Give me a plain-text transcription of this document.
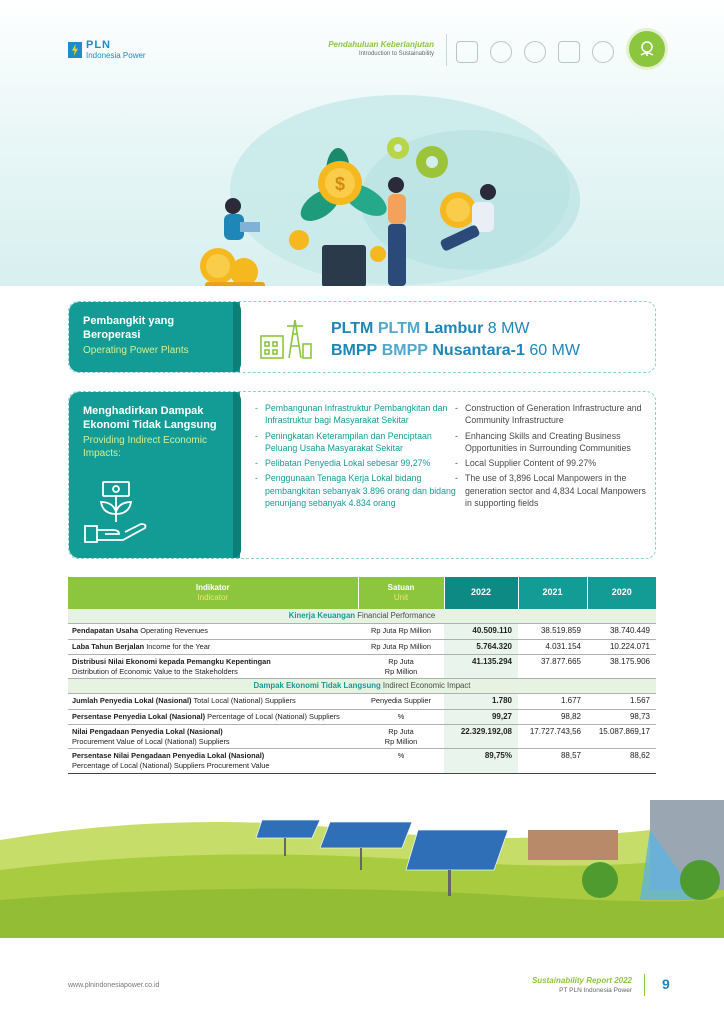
$
PLN
Indonesia Power
Pendahuluan Keberlanjutan
Introduction to Sustainability
Pembangkit yang Beroperasi
Operating Power Plants
PLTM PLTM Lambur 8 MW
BMPP BMPP Nusantara-1 60 MW
Menghadirkan Dampak Ekonomi Tidak Langsung
Providing Indirect Economic Impacts:
- Pembangunan Infrastruktur Pembangkitan dan Infrastruktur bagi Masyarakat Sekitar
- Peningkatan Keterampilan dan Penciptaan Peluang Usaha Masyarakat Sekitar
- Pelibatan Penyedia Lokal sebesar 99,27%
- Penggunaan Tenaga Kerja Lokal bidang pembangkitan sebanyak 3.896 orang dan bidang penunjang sebanyak 4.834 orang
- Construction of Generation Infrastructure and Community Infrastructure
- Enhancing Skills and Creating Business Opportunities in Surrounding Communities
- Local Supplier Content of 99.27%
- The use of 3,896 Local Manpowers in the generation sector and 4,834 Local Manpowers in supporting fields
Indikator
Indicator	Satuan
Unit	2022	2021	2020
Kinerja Keuangan Financial Performance				
Pendapatan Usaha Operating Revenues	Rp Juta Rp Million	40.509.110	38.519.859	38.740.449
Laba Tahun Berjalan Income for the Year	Rp Juta Rp Million	5.764.320	4.031.154	10.224.071
Distribusi Nilai Ekonomi kepada Pemangku Kepentingan
Distribution of Economic Value to the Stakeholders	Rp Juta
Rp Million	41.135.294	37.877.665	38.175.906
Dampak Ekonomi Tidak Langsung Indirect Economic Impact				
Jumlah Penyedia Lokal (Nasional) Total Local (National) Suppliers	Penyedia Supplier	1.780	1.677	1.567
Persentase Penyedia Lokal (Nasional) Percentage of Local (National) Suppliers	%	99,27	98,82	98,73
Nilai Pengadaan Penyedia Lokal (Nasional)
Procurement Value of Local (National) Suppliers	Rp Juta
Rp Million	22.329.192,08	17.727.743,56	15.087.869,17
Persentase Nilai Pengadaan Penyedia Lokal (Nasional)
Percentage of Local (National) Suppliers Procurement Value	%	89,75%	88,57	88,62
www.plnindonesiapower.co.id
Sustainability Report 2022
PT PLN Indonesia Power 9
